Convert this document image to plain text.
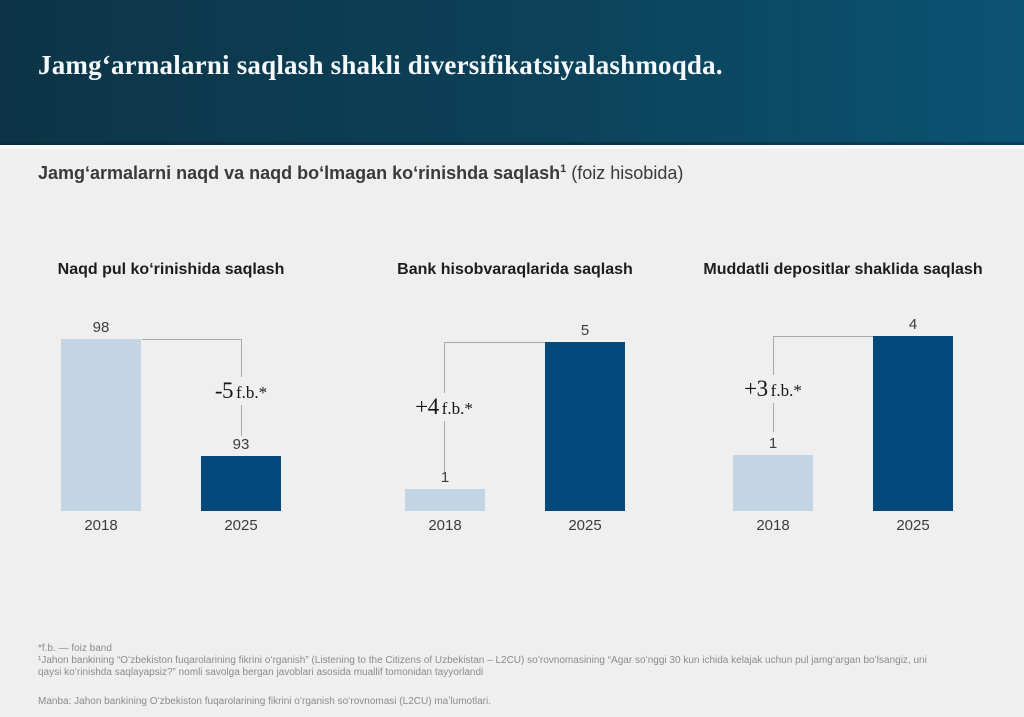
Jamgʻarmalarni saqlash shakli diversifikatsiyalashmoqda.
Jamgʻarmalarni naqd va naqd boʻlmagan koʻrinishda saqlash$^1$ (foiz hisobida)
Naqd pul koʻrinishida saqlash
98
93
-5 f.b.*
2018	2025
Bank hisobvaraqlarida saqlash
1
5
+4 f.b.*
2018	2025
Muddatli depositlar shaklida saqlash
1
4
+3 f.b.*
2018	2025
*f.b. — foiz band
¹Jahon bankining “Oʻzbekiston fuqarolarining fikrini oʻrganish” (Listening to the Citizens of Uzbekistan – L2CU) soʻrovnomasining “Agar soʻnggi 30 kun ichida kelajak uchun pul jamgʻargan boʻlsangiz, uni qaysi koʻrinishda saqlayapsiz?” nomli savolga bergan javoblari asosida muallif tomonidan tayyorlandi
Manba: Jahon bankining Oʻzbekiston fuqarolarining fikrini oʻrganish soʻrovnomasi (L2CU) maʼlumotlari.
